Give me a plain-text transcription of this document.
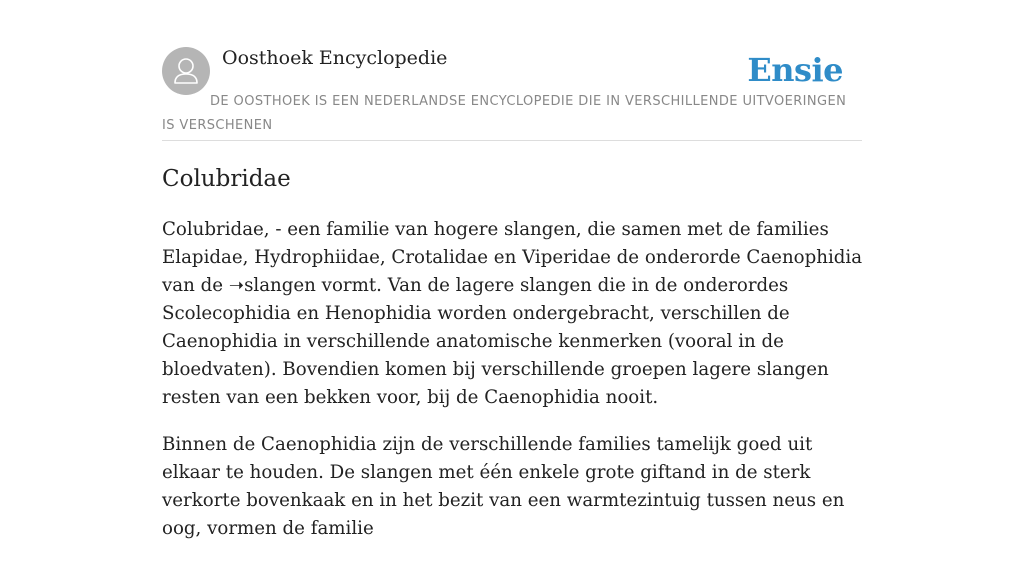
Oosthoek Encyclopedie	Ensie
DE OOSTHOEK IS EEN NEDERLANDSE ENCYCLOPEDIE DIE IN VERSCHILLENDE UITVOERINGEN IS VERSCHENEN
Colubridae

Colubridae, - een familie van hogere slangen, die samen met de families Elapidae, Hydrophiidae, Crotalidae en Viperidae de onderorde Caenophidia van de ➝slangen vormt. Van de lagere slangen die in de onderordes Scolecophidia en Henophidia worden ondergebracht, verschillen de Caenophidia in verschillende anatomische kenmerken (vooral in de bloedvaten). Bovendien komen bij verschillende groepen lagere slangen resten van een bekken voor, bij de Caenophidia nooit.

Binnen de Caenophidia zijn de verschillende families tamelijk goed uit elkaar te houden. De slangen met één enkele grote giftand in de sterk verkorte bovenkaak en in het bezit van een warmtezintuig tussen neus en oog, vormen de familie
